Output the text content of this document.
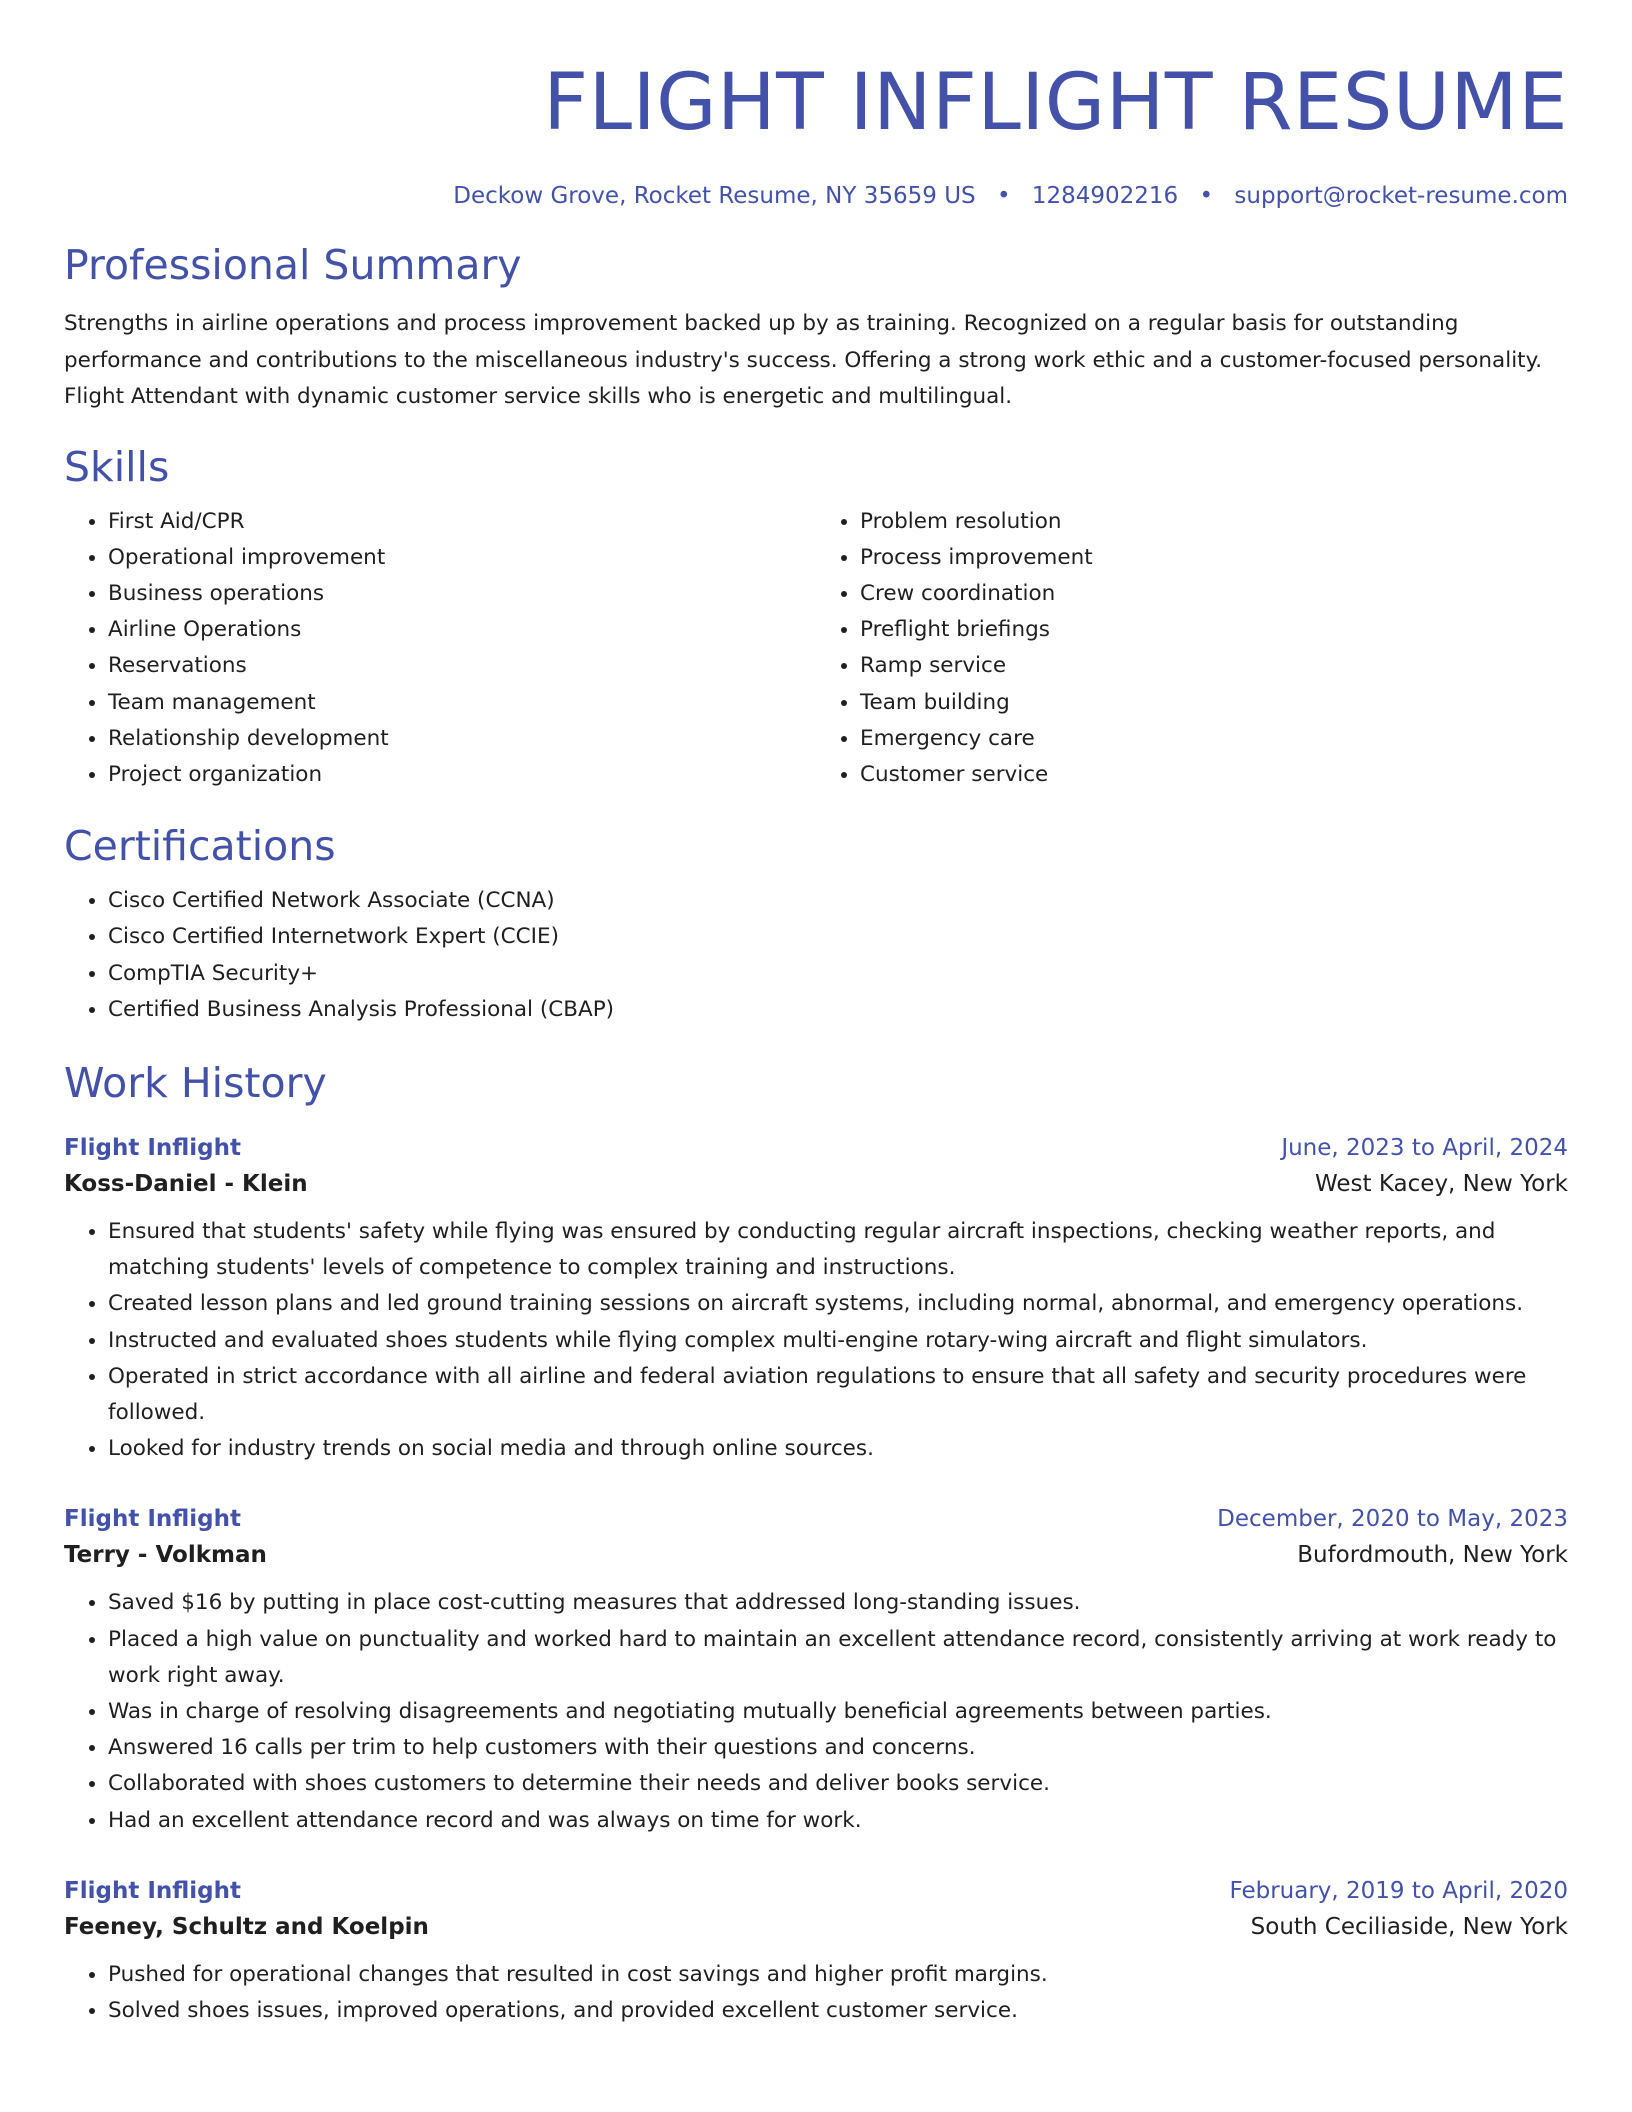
FLIGHT INFLIGHT RESUME
Deckow Grove, Rocket Resume, NY 35659 US • 1284902216 • support@rocket-resume.com
Professional Summary

Strengths in airline operations and process improvement backed up by as training. Recognized on a regular basis for outstanding performance and contributions to the miscellaneous industry's success. Offering a strong work ethic and a customer-focused personality. Flight Attendant with dynamic customer service skills who is energetic and multilingual.

Skills
• First Aid/CPR
• Operational improvement
• Business operations
• Airline Operations
• Reservations
• Team management
• Relationship development
• Project organization
• Problem resolution
• Process improvement
• Crew coordination
• Preflight briefings
• Ramp service
• Team building
• Emergency care
• Customer service
Certifications
• Cisco Certified Network Associate (CCNA)
• Cisco Certified Internetwork Expert (CCIE)
• CompTIA Security+
• Certified Business Analysis Professional (CBAP)
Work History
Flight Inflight	June, 2023 to April, 2024
Koss-Daniel - Klein	West Kacey, New York
• Ensured that students' safety while flying was ensured by conducting regular aircraft inspections, checking weather reports, and matching students' levels of competence to complex training and instructions.
• Created lesson plans and led ground training sessions on aircraft systems, including normal, abnormal, and emergency operations.
• Instructed and evaluated shoes students while flying complex multi-engine rotary-wing aircraft and flight simulators.
• Operated in strict accordance with all airline and federal aviation regulations to ensure that all safety and security procedures were followed.
• Looked for industry trends on social media and through online sources.
Flight Inflight	December, 2020 to May, 2023
Terry - Volkman	Bufordmouth, New York
• Saved $16 by putting in place cost-cutting measures that addressed long-standing issues.
• Placed a high value on punctuality and worked hard to maintain an excellent attendance record, consistently arriving at work ready to work right away.
• Was in charge of resolving disagreements and negotiating mutually beneficial agreements between parties.
• Answered 16 calls per trim to help customers with their questions and concerns.
• Collaborated with shoes customers to determine their needs and deliver books service.
• Had an excellent attendance record and was always on time for work.
Flight Inflight	February, 2019 to April, 2020
Feeney, Schultz and Koelpin	South Ceciliaside, New York
• Pushed for operational changes that resulted in cost savings and higher profit margins.
• Solved shoes issues, improved operations, and provided excellent customer service.
